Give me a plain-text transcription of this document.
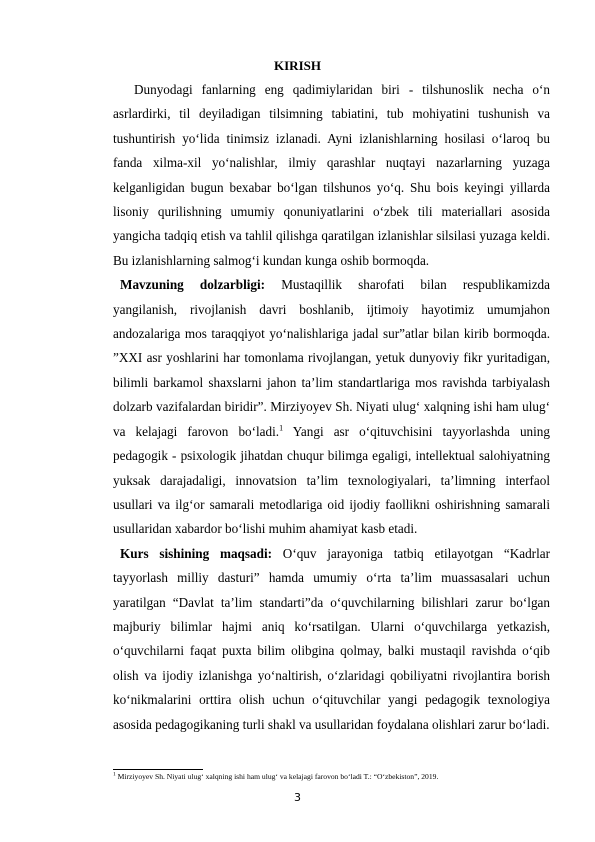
KIRISH

Dunyodagi fanlarning eng qadimiylaridan biri - tilshunoslik necha o‘n asrlardirki, til deyiladigan tilsimning tabiatini, tub mohiyatini tushunish va tushuntirish yo‘lida tinimsiz izlanadi. Ayni izlanishlarning hosilasi o‘laroq bu fanda xilma-xil yo‘nalishlar, ilmiy qarashlar nuqtayi nazarlarning yuzaga kelganligidan bugun bexabar bo‘lgan tilshunos yo‘q. Shu bois keyingi yillarda lisoniy qurilishning umumiy qonuniyatlarini o‘zbek tili materiallari asosida yangicha tadqiq etish va tahlil qilishga qaratilgan izlanishlar silsilasi yuzaga keldi. Bu izlanishlarning salmog‘i kundan kunga oshib bormoqda.

Mavzuning dolzarbligi: Mustaqillik sharofati bilan respublikamizda yangilanish, rivojlanish davri boshlanib, ijtimoiy hayotimiz umumjahon andozalariga mos taraqqiyot yo‘nalishlariga jadal sur”atlar bilan kirib bormoqda. ”XXI asr yoshlarini har tomonlama rivojlangan, yetuk dunyoviy fikr yuritadigan, bilimli barkamol shaxslarni jahon ta’lim standartlariga mos ravishda tarbiyalash dolzarb vazifalardan biridir”. Mirziyoyev Sh. Niyati ulug‘ xalqning ishi ham ulug‘ va kelajagi farovon bo‘ladi.$^1$ Yangi asr o‘qituvchisini tayyorlashda uning pedagogik - psixologik jihatdan chuqur bilimga egaligi, intellektual salohiyatning yuksak darajadaligi, innovatsion ta’lim texnologiyalari, ta’limning interfaol usullari va ilg‘or samarali metodlariga oid ijodiy faollikni oshirishning samarali usullaridan xabardor bo‘lishi muhim ahamiyat kasb etadi.

Kurs sishining maqsadi: O‘quv jarayoniga tatbiq etilayotgan “Kadrlar tayyorlash milliy dasturi” hamda umumiy o‘rta ta’lim muassasalari uchun yaratilgan “Davlat ta’lim standarti”da o‘quvchilarning bilishlari zarur bo‘lgan majburiy bilimlar hajmi aniq ko‘rsatilgan. Ularni o‘quvchilarga yetkazish, o‘quvchilarni faqat puxta bilim olibgina qolmay, balki mustaqil ravishda o‘qib olish va ijodiy izlanishga yo‘naltirish, o‘zlaridagi qobiliyatni rivojlantira borish ko‘nikmalarini orttira olish uchun o‘qituvchilar yangi pedagogik texnologiya asosida pedagogikaning turli shakl va usullaridan foydalana olishlari zarur bo‘ladi.

$^1$ Mirziyoyev Sh. Niyati ulug‘ xalqning ishi ham ulug‘ va kelajagi farovon bo‘ladi T.: “O‘zbekiston”, 2019.
3
